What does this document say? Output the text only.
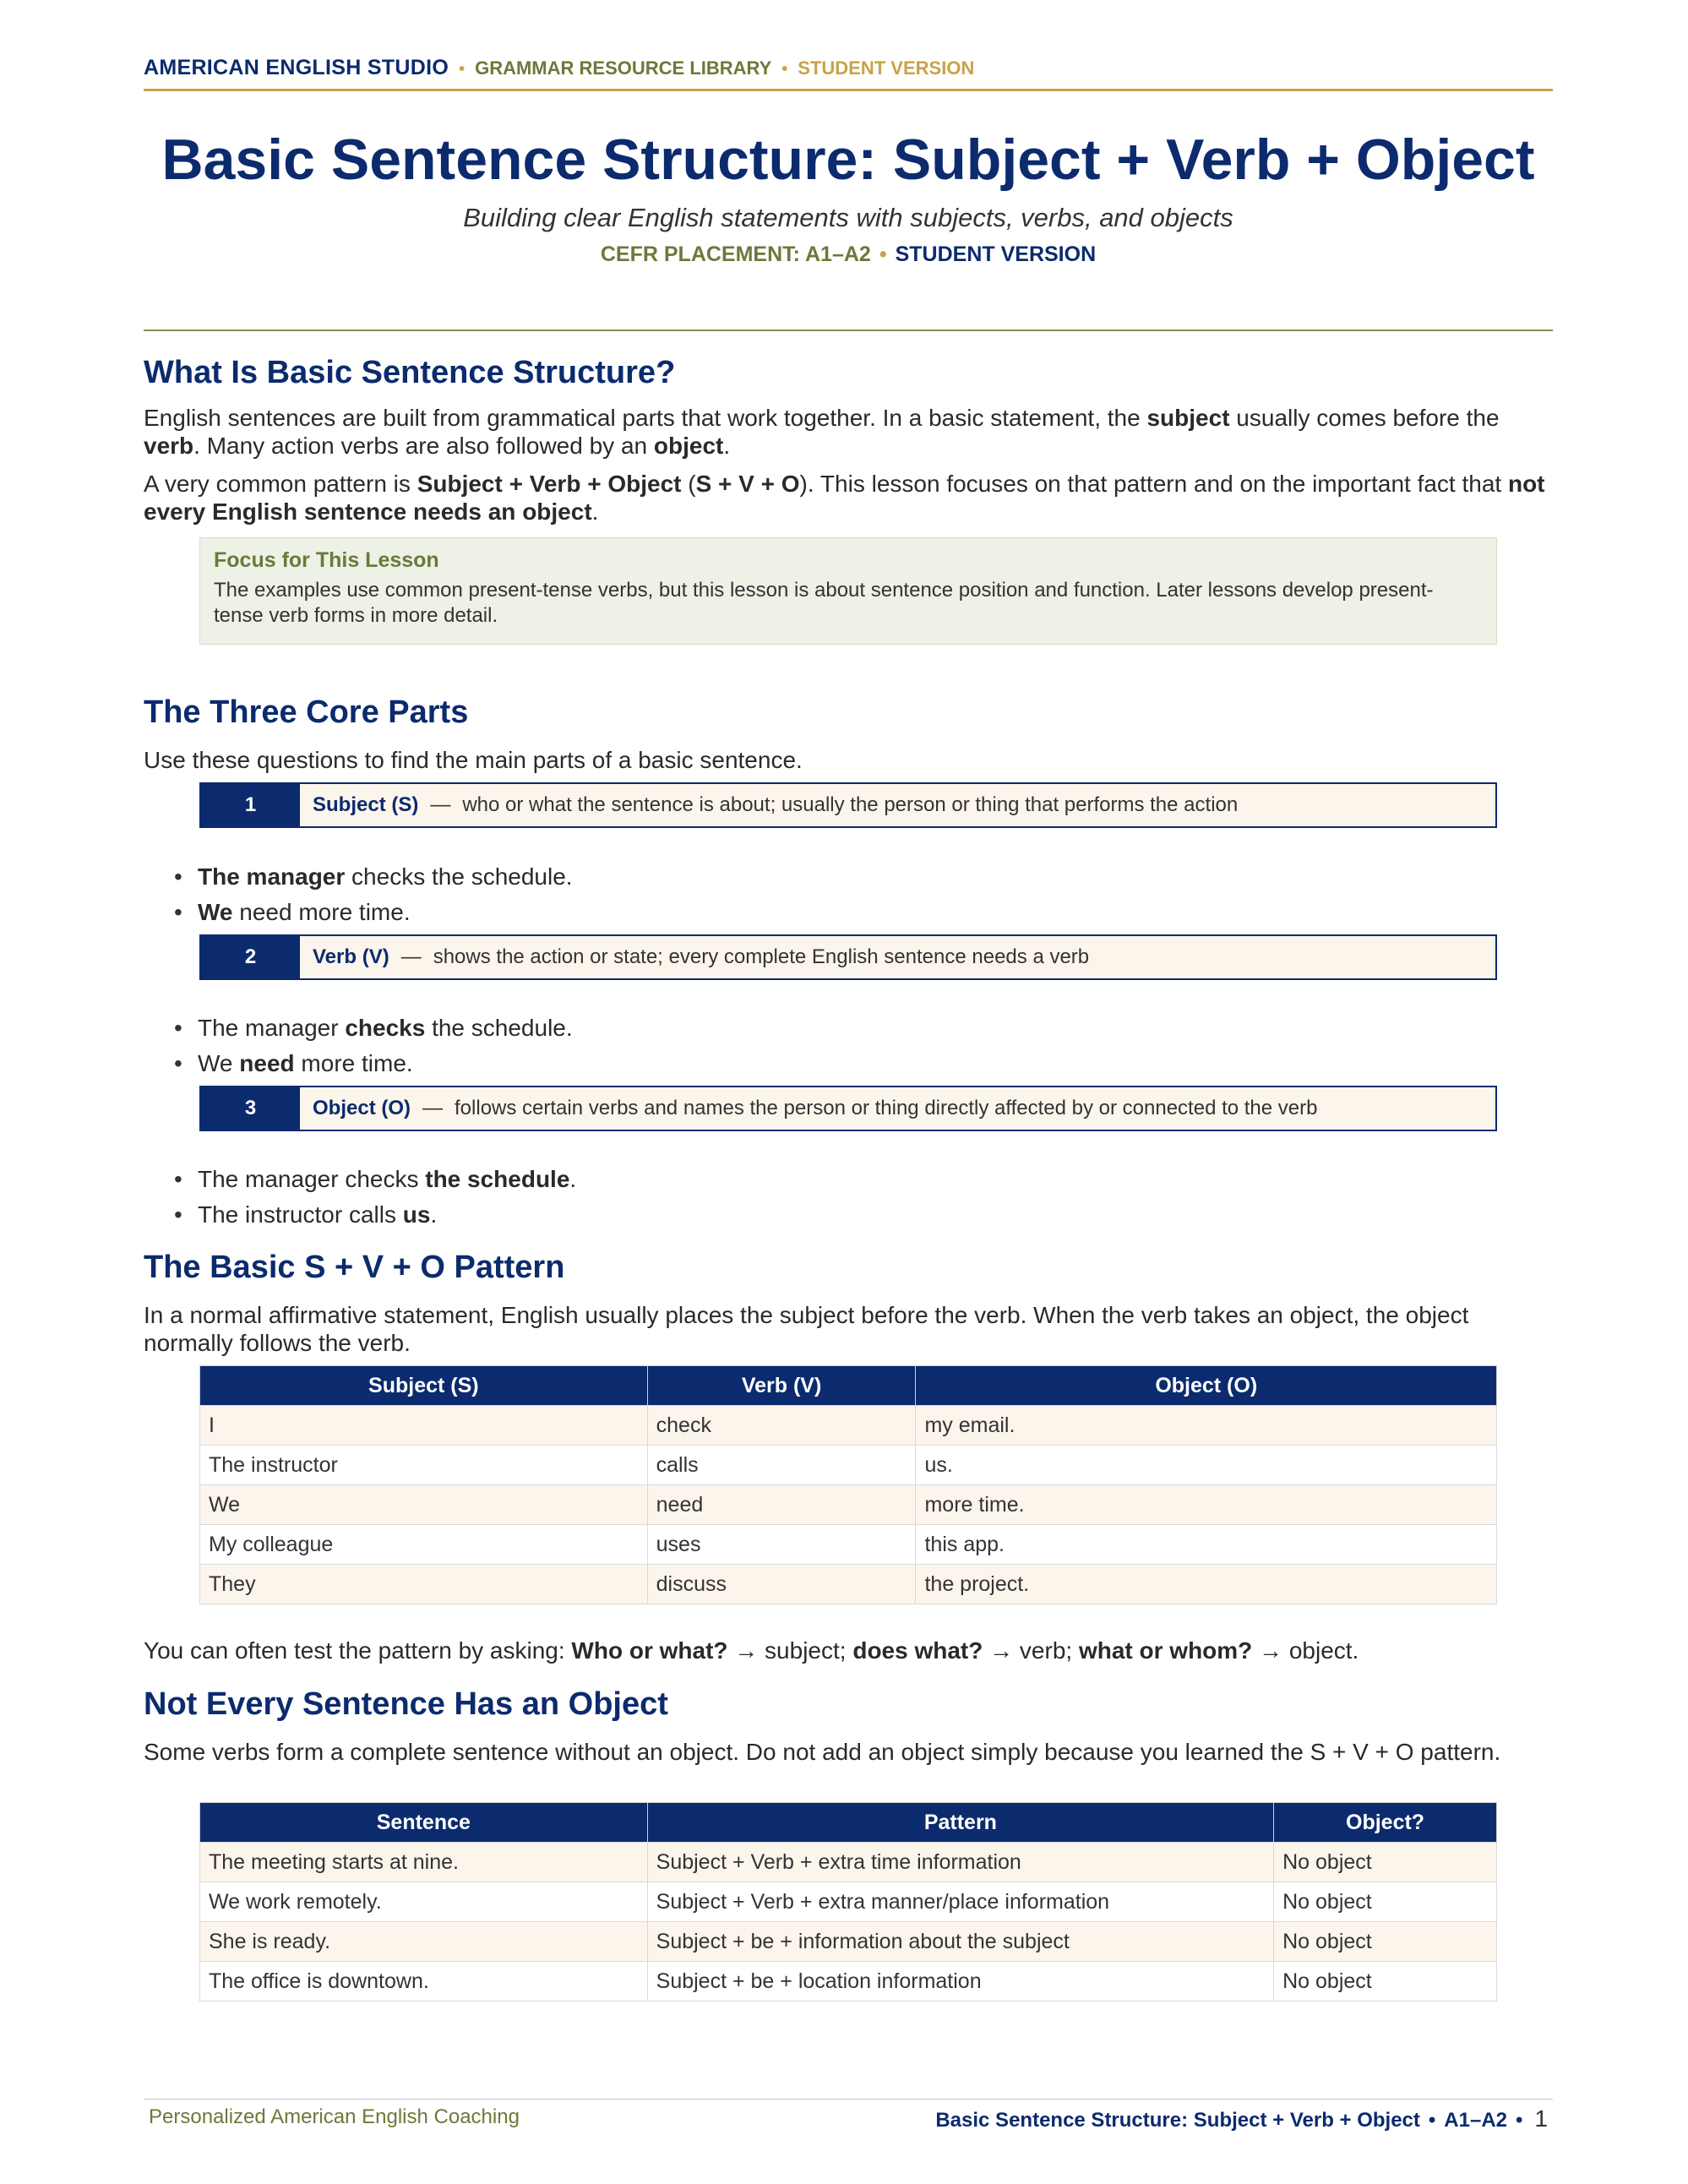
AMERICAN ENGLISH STUDIO • GRAMMAR RESOURCE LIBRARY • STUDENT VERSION
Basic Sentence Structure: Subject + Verb + Object
Building clear English statements with subjects, verbs, and objects
CEFR PLACEMENT: A1–A2 • STUDENT VERSION
What Is Basic Sentence Structure?

English sentences are built from grammatical parts that work together. In a basic statement, the subject usually comes before the verb. Many action verbs are also followed by an object.

A very common pattern is Subject + Verb + Object (S + V + O). This lesson focuses on that pattern and on the important fact that not every English sentence needs an object.

Focus for This Lesson
The examples use common present-tense verbs, but this lesson is about sentence position and function. Later lessons develop present-tense verb forms in more detail.
The Three Core Parts

Use these questions to find the main parts of a basic sentence.

1	Subject (S) — who or what the sentence is about; usually the person or thing that performs the action
• The manager checks the schedule.
• We need more time.
2	Verb (V) — shows the action or state; every complete English sentence needs a verb
• The manager checks the schedule.
• We need more time.
3	Object (O) — follows certain verbs and names the person or thing directly affected by or connected to the verb
• The manager checks the schedule.
• The instructor calls us.
The Basic S + V + O Pattern

In a normal affirmative statement, English usually places the subject before the verb. When the verb takes an object, the object normally follows the verb.

Subject (S)	Verb (V)	Object (O)
I	check	my email.
The instructor	calls	us.
We	need	more time.
My colleague	uses	this app.
They	discuss	the project.

You can often test the pattern by asking: Who or what? → subject; does what? → verb; what or whom? → object.

Not Every Sentence Has an Object

Some verbs form a complete sentence without an object. Do not add an object simply because you learned the S + V + O pattern.

Sentence	Pattern	Object?
The meeting starts at nine.	Subject + Verb + extra time information	No object
We work remotely.	Subject + Verb + extra manner/place information	No object
She is ready.	Subject + be + information about the subject	No object
The office is downtown.	Subject + be + location information	No object
Personalized American English Coaching	Basic Sentence Structure: Subject + Verb + Object • A1–A2 • 1
